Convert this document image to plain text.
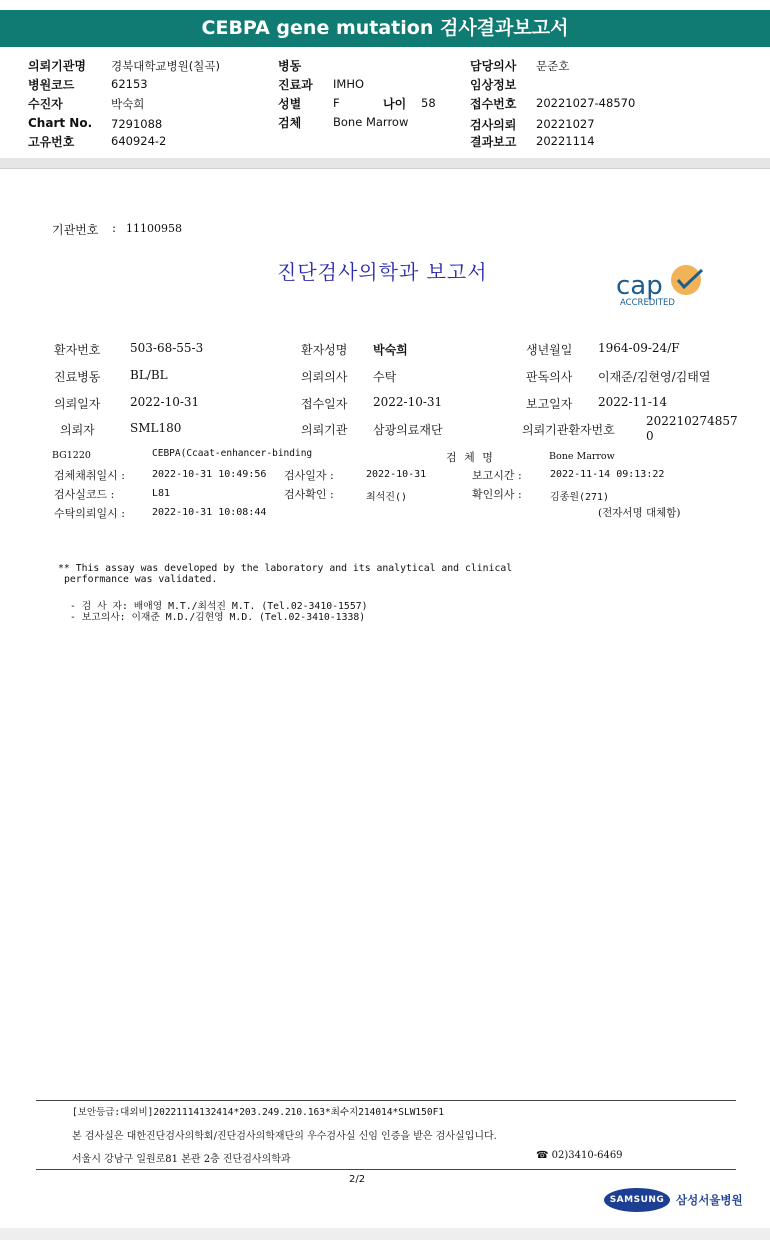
CEBPA gene mutation 검사결과보고서
의뢰기관명 경북대학교병원(칠곡)	병동	담당의사 문준호
병원코드	62153	진료과 IMHO	임상정보
수진자	박숙희	성별	F	나이 58	접수번호 20221027-48570
Chart No. 7291088	검체	Bone Marrow	검사의뢰 20221027
고유번호	640924-2	결과보고 20221114
기관번호 : 11100958
진단검사의학과 보고서	cap
ACCREDITED
환자번호 503-68-55-3	환자성명 박숙희	생년월일 1964-09-24/F
진료병동 BL/BL	의뢰의사 수탁	판독의사 이재준/김현영/김태열
의뢰일자 2022-10-31	접수일자 2022-10-31	보고일자 2022-11-14
의뢰자	SML180	의뢰기관 삼광의료재단	의뢰기관환자번호
202210274857
0
BG1220	CEBPA(Ccaat-enhancer-binding	검 체 명	Bone Marrow
검체채취일시 :	2022-10-31 10:49:56 검사일자 :	2022-10-31	보고시간 :	2022-11-14 09:13:22
검사실코드 :	L81	검사확인 :	최석진()	확인의사 :	김종원(271)
수탁의뢰일시 :	2022-10-31 10:08:44	(전자서명 대체함)
** This assay was developed by the laboratory and its analytical and clinical
performance was validated.
- 검 사 자: 배애영 M.T./최석진 M.T. (Tel.02-3410-1557)
- 보고의사: 이재준 M.D./김현영 M.D. (Tel.02-3410-1338)
[보안등급:대외비]20221114132414*203.249.210.163*최수지214014*SLW150F1
본 검사실은 대한진단검사의학회/진단검사의학재단의 우수검사실 신임 인증을 받은 검사실입니다.
서울시 강남구 일원로81 본관 2층 진단검사의학과	☎ 02)3410-6469
2/2
SAMSUNG	삼성서울병원
